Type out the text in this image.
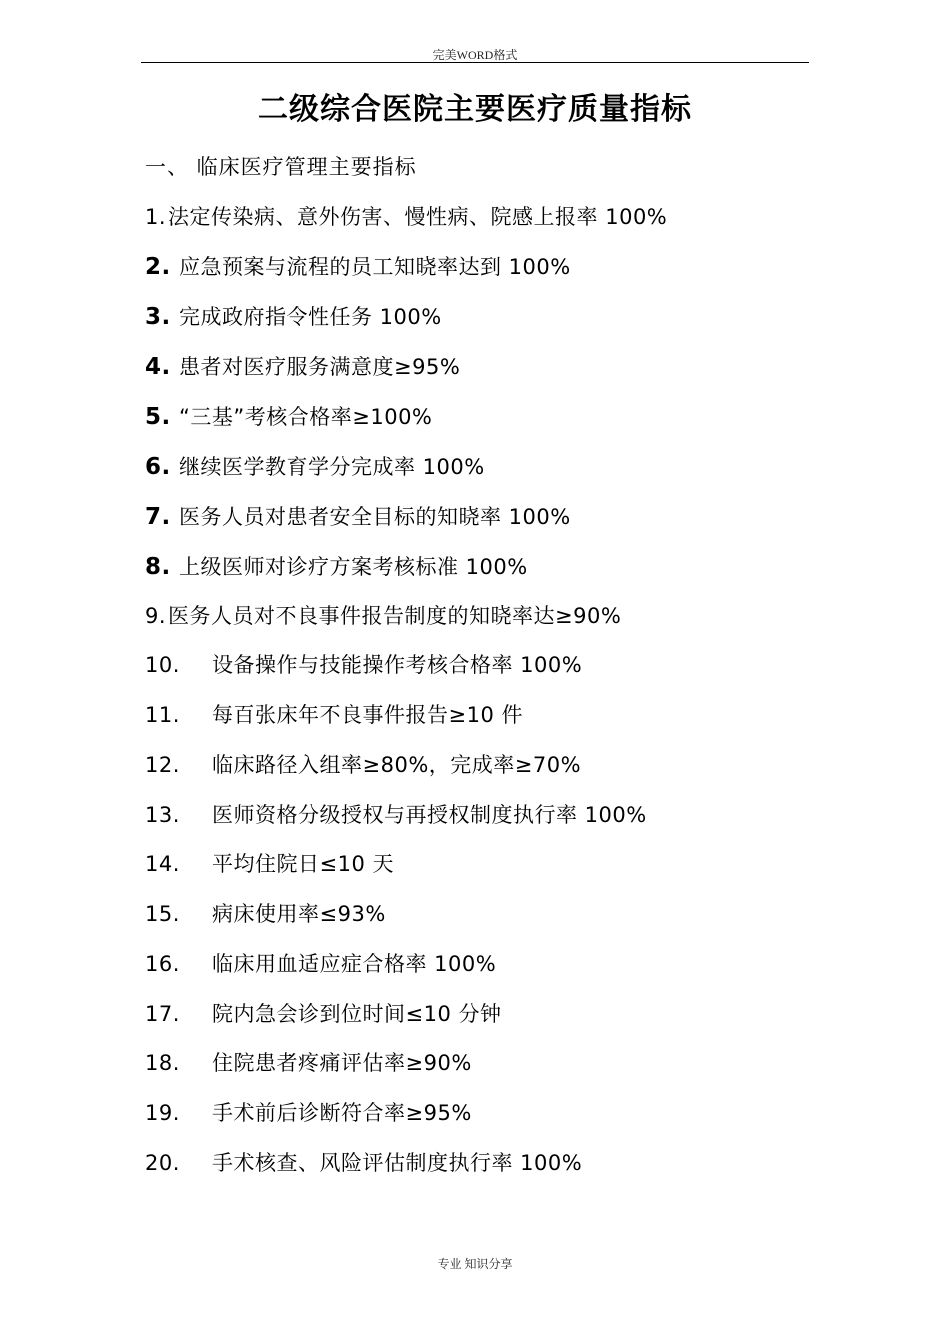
完美WORD格式
二级综合医院主要医疗质量指标
一、 临床医疗管理主要指标
1.法定传染病、意外伤害、慢性病、院感上报率 100%
2. 应急预案与流程的员工知晓率达到 100%
3. 完成政府指令性任务 100%
4. 患者对医疗服务满意度≥95%
5. “三基”考核合格率≥100%
6. 继续医学教育学分完成率 100%
7. 医务人员对患者安全目标的知晓率 100%
8. 上级医师对诊疗方案考核标准 100%
9.医务人员对不良事件报告制度的知晓率达≥90%
10. 设备操作与技能操作考核合格率 100%
11. 每百张床年不良事件报告≥10 件
12. 临床路径入组率≥80%，完成率≥70%
13. 医师资格分级授权与再授权制度执行率 100%
14. 平均住院日≤10 天
15. 病床使用率≤93%
16. 临床用血适应症合格率 100%
17. 院内急会诊到位时间≤10 分钟
18. 住院患者疼痛评估率≥90%
19. 手术前后诊断符合率≥95%
20. 手术核查、风险评估制度执行率 100%
专业 知识分享
